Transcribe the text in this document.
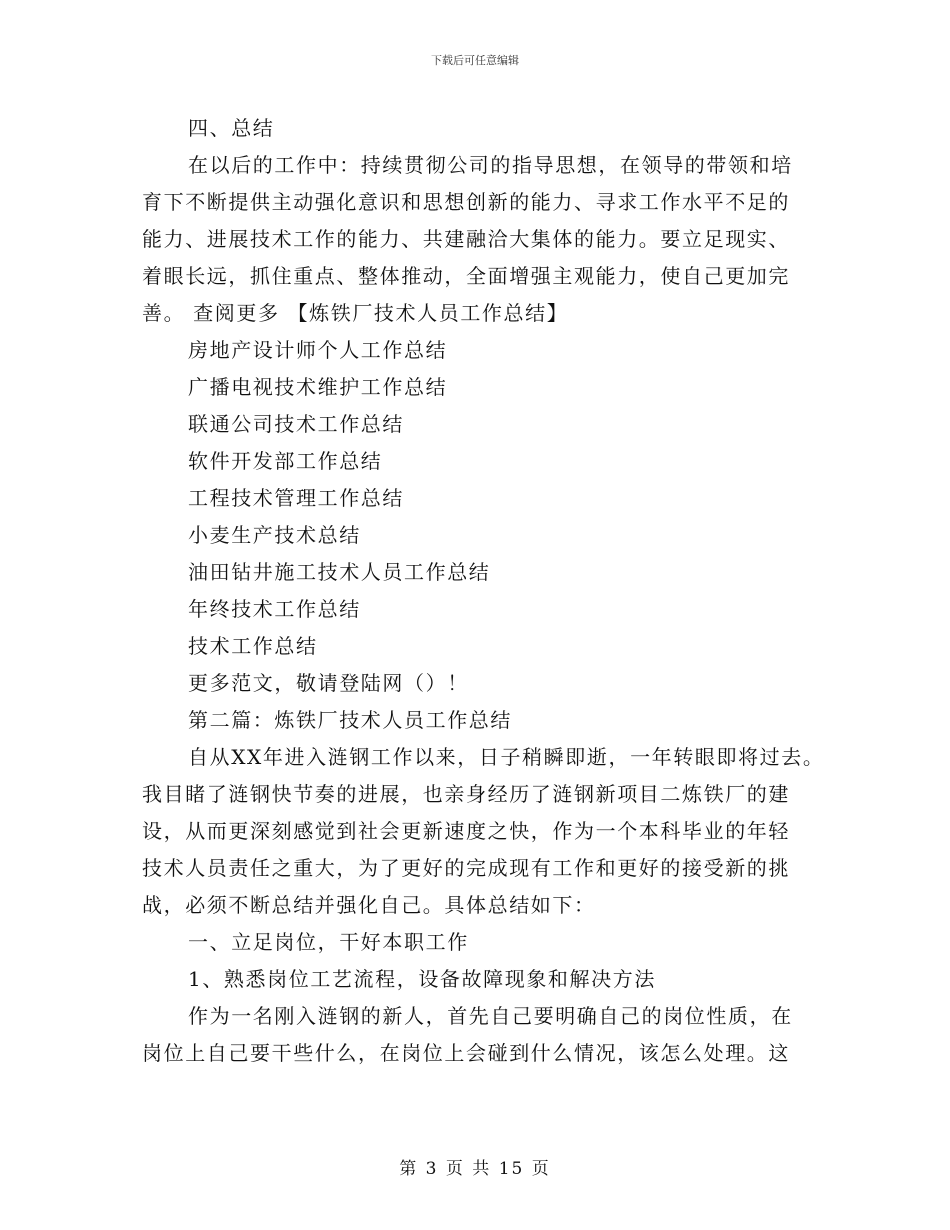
下载后可任意编辑
四、总结
在以后的工作中：持续贯彻公司的指导思想，在领导的带领和培
育下不断提供主动强化意识和思想创新的能力、寻求工作水平不足的
能力、进展技术工作的能力、共建融洽大集体的能力。要立足现实、
着眼长远，抓住重点、整体推动，全面增强主观能力，使自己更加完
善。 查阅更多 【炼铁厂技术人员工作总结】
房地产设计师个人工作总结
广播电视技术维护工作总结
联通公司技术工作总结
软件开发部工作总结
工程技术管理工作总结
小麦生产技术总结
油田钻井施工技术人员工作总结
年终技术工作总结
技术工作总结
更多范文，敬请登陆网（）！
第二篇：炼铁厂技术人员工作总结
自从XX年进入涟钢工作以来，日子稍瞬即逝，一年转眼即将过去。
我目睹了涟钢快节奏的进展，也亲身经历了涟钢新项目二炼铁厂的建
设，从而更深刻感觉到社会更新速度之快，作为一个本科毕业的年轻
技术人员责任之重大，为了更好的完成现有工作和更好的接受新的挑
战，必须不断总结并强化自己。具体总结如下：
一、立足岗位，干好本职工作
1、熟悉岗位工艺流程，设备故障现象和解决方法
作为一名刚入涟钢的新人，首先自己要明确自己的岗位性质，在
岗位上自己要干些什么，在岗位上会碰到什么情况，该怎么处理。这
第 3 页 共 15 页
